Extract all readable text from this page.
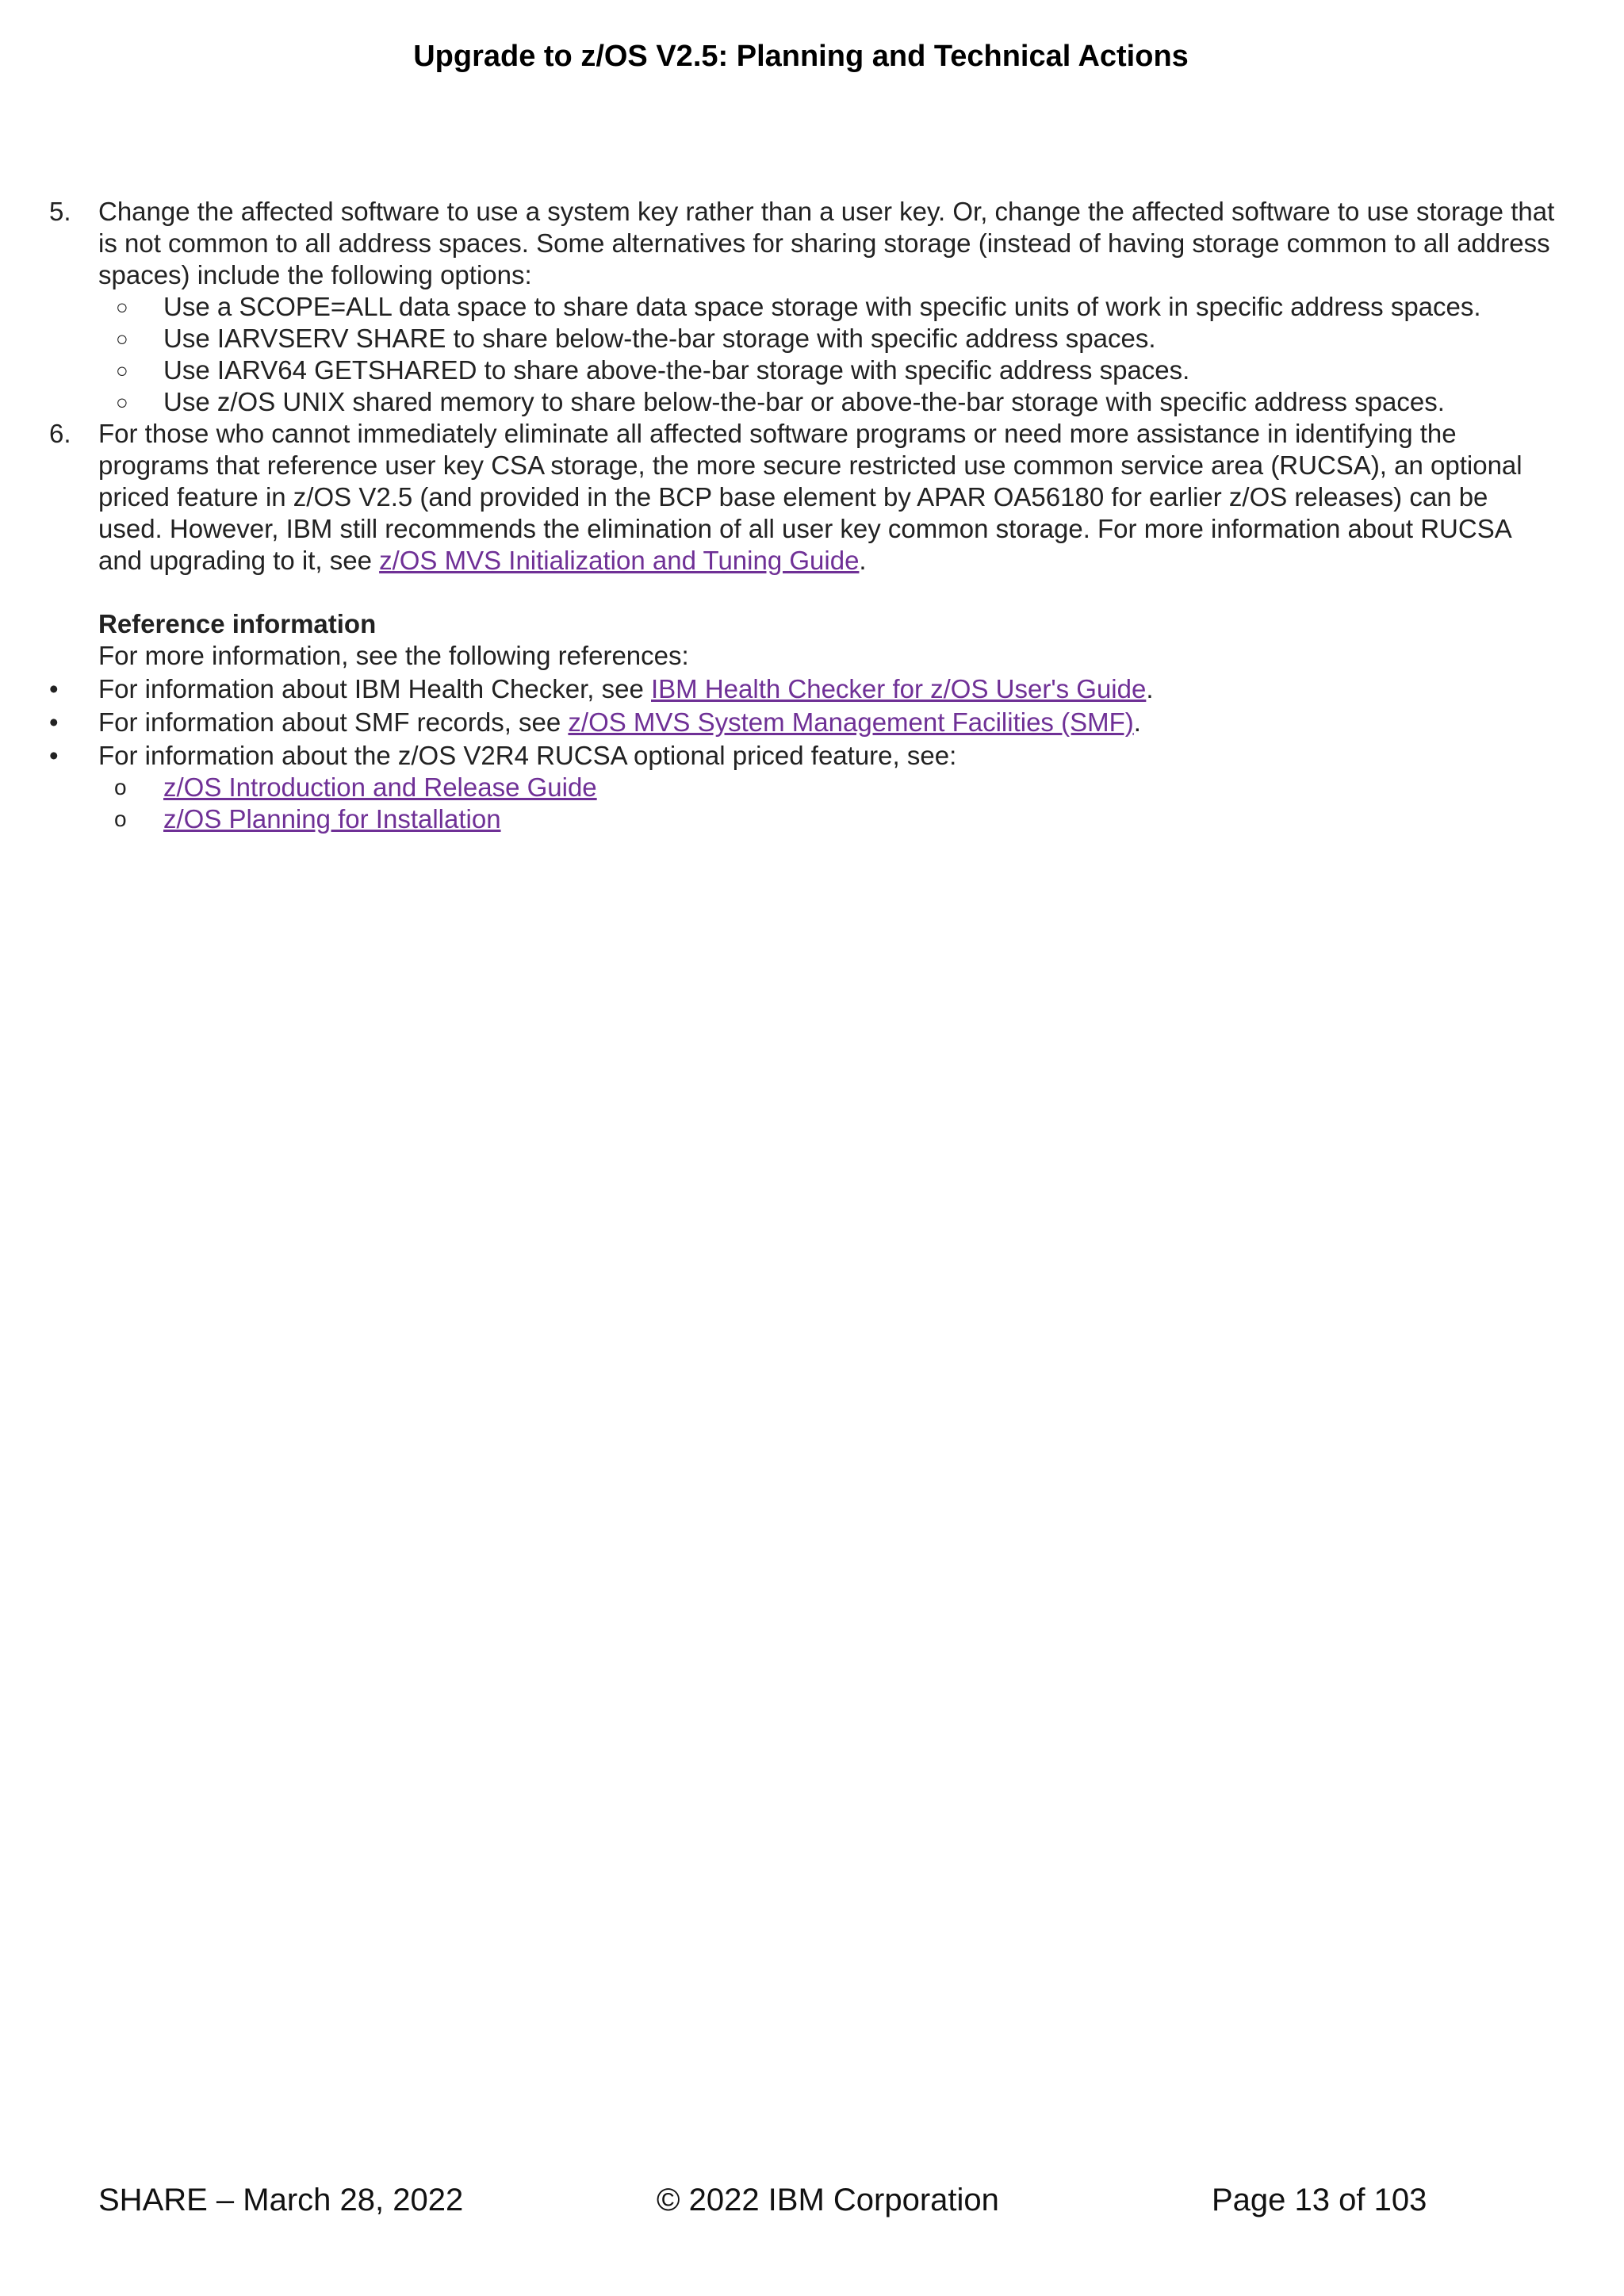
Upgrade to z/OS V2.5: Planning and Technical Actions
5. Change the affected software to use a system key rather than a user key. Or, change the affected software to use storage that is not common to all address spaces. Some alternatives for sharing storage (instead of having storage common to all address spaces) include the following options:
○ Use a SCOPE=ALL data space to share data space storage with specific units of work in specific address spaces.
○ Use IARVSERV SHARE to share below-the-bar storage with specific address spaces.
○ Use IARV64 GETSHARED to share above-the-bar storage with specific address spaces.
○ Use z/OS UNIX shared memory to share below-the-bar or above-the-bar storage with specific address spaces.
6. For those who cannot immediately eliminate all affected software programs or need more assistance in identifying the programs that reference user key CSA storage, the more secure restricted use common service area (RUCSA), an optional priced feature in z/OS V2.5 (and provided in the BCP base element by APAR OA56180 for earlier z/OS releases) can be used. However, IBM still recommends the elimination of all user key common storage. For more information about RUCSA and upgrading to it, see z/OS MVS Initialization and Tuning Guide.
Reference information
For more information, see the following references:
• For information about IBM Health Checker, see IBM Health Checker for z/OS User's Guide.
• For information about SMF records, see z/OS MVS System Management Facilities (SMF).
• For information about the z/OS V2R4 RUCSA optional priced feature, see:
o z/OS Introduction and Release Guide
o z/OS Planning for Installation
SHARE – March 28, 2022	© 2022 IBM Corporation	Page 13 of 103
